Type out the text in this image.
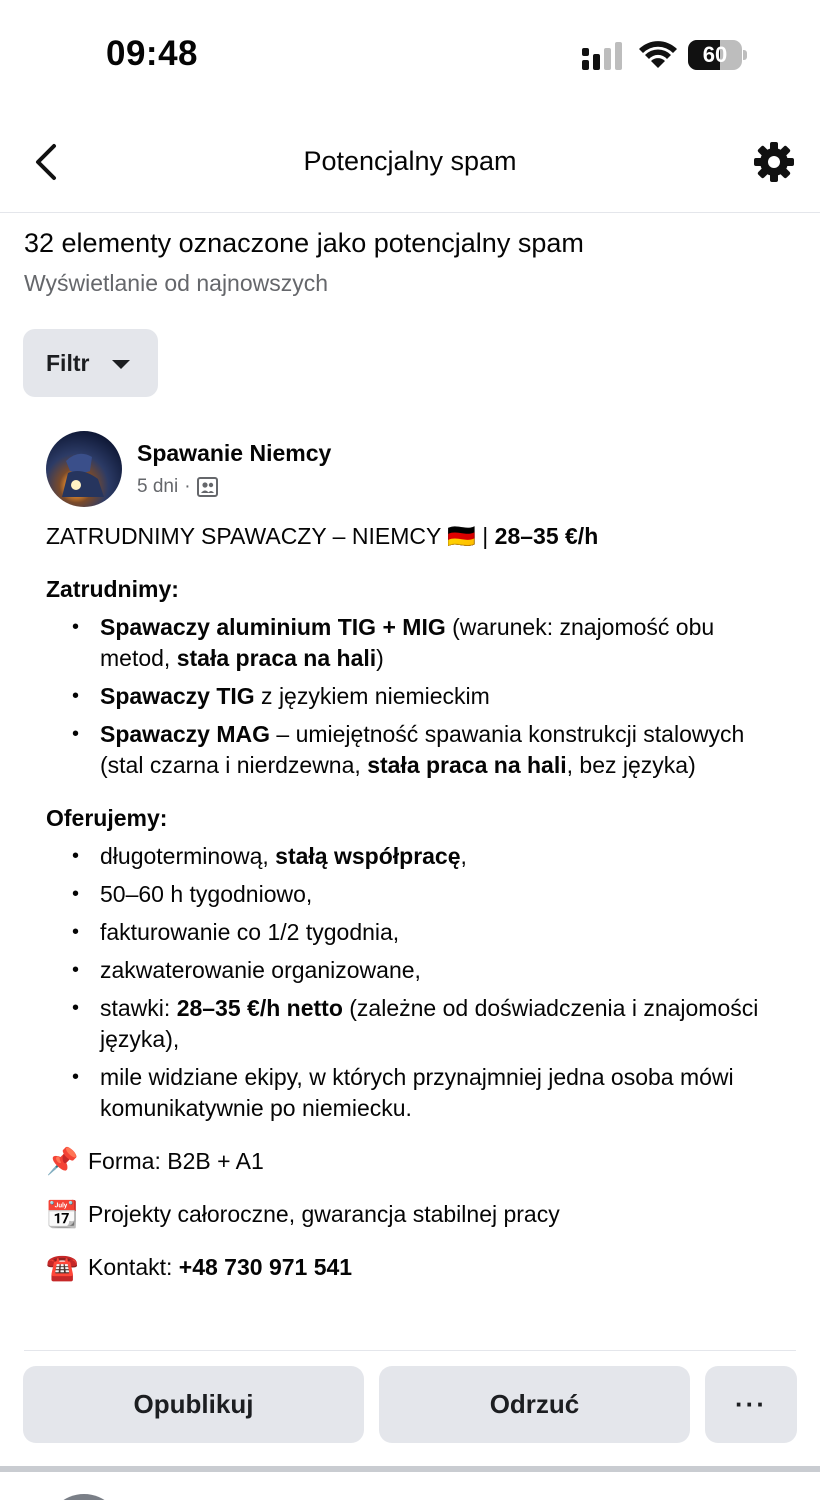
09:48	60
Potencjalny spam
32 elementy oznaczone jako potencjalny spam
Wyświetlanie od najnowszych
Filtr
Spawanie Niemcy
5 dni ·
ZATRUDNIMY SPAWACZY – NIEMCY 🇩🇪 | 28–35 €/h
Zatrudnimy:
• Spawaczy aluminium TIG + MIG (warunek: znajomość obu metod, stała praca na hali)
• Spawaczy TIG z językiem niemieckim
• Spawaczy MAG – umiejętność spawania konstrukcji stalowych (stal czarna i nierdzewna, stała praca na hali, bez języka)
Oferujemy:
• długoterminową, stałą współpracę,
• 50–60 h tygodniowo,
• fakturowanie co 1/2 tygodnia,
• zakwaterowanie organizowane,
• stawki: 28–35 €/h netto (zależne od doświadczenia i znajomości języka),
• mile widziane ekipy, w których przynajmniej jedna osoba mówi komunikatywnie po niemiecku.
📌 Forma: B2B + A1
📆 Projekty całoroczne, gwarancja stabilnej pracy
☎️ Kontakt: +48 730 971 541
Opublikuj	Odrzuć	···
